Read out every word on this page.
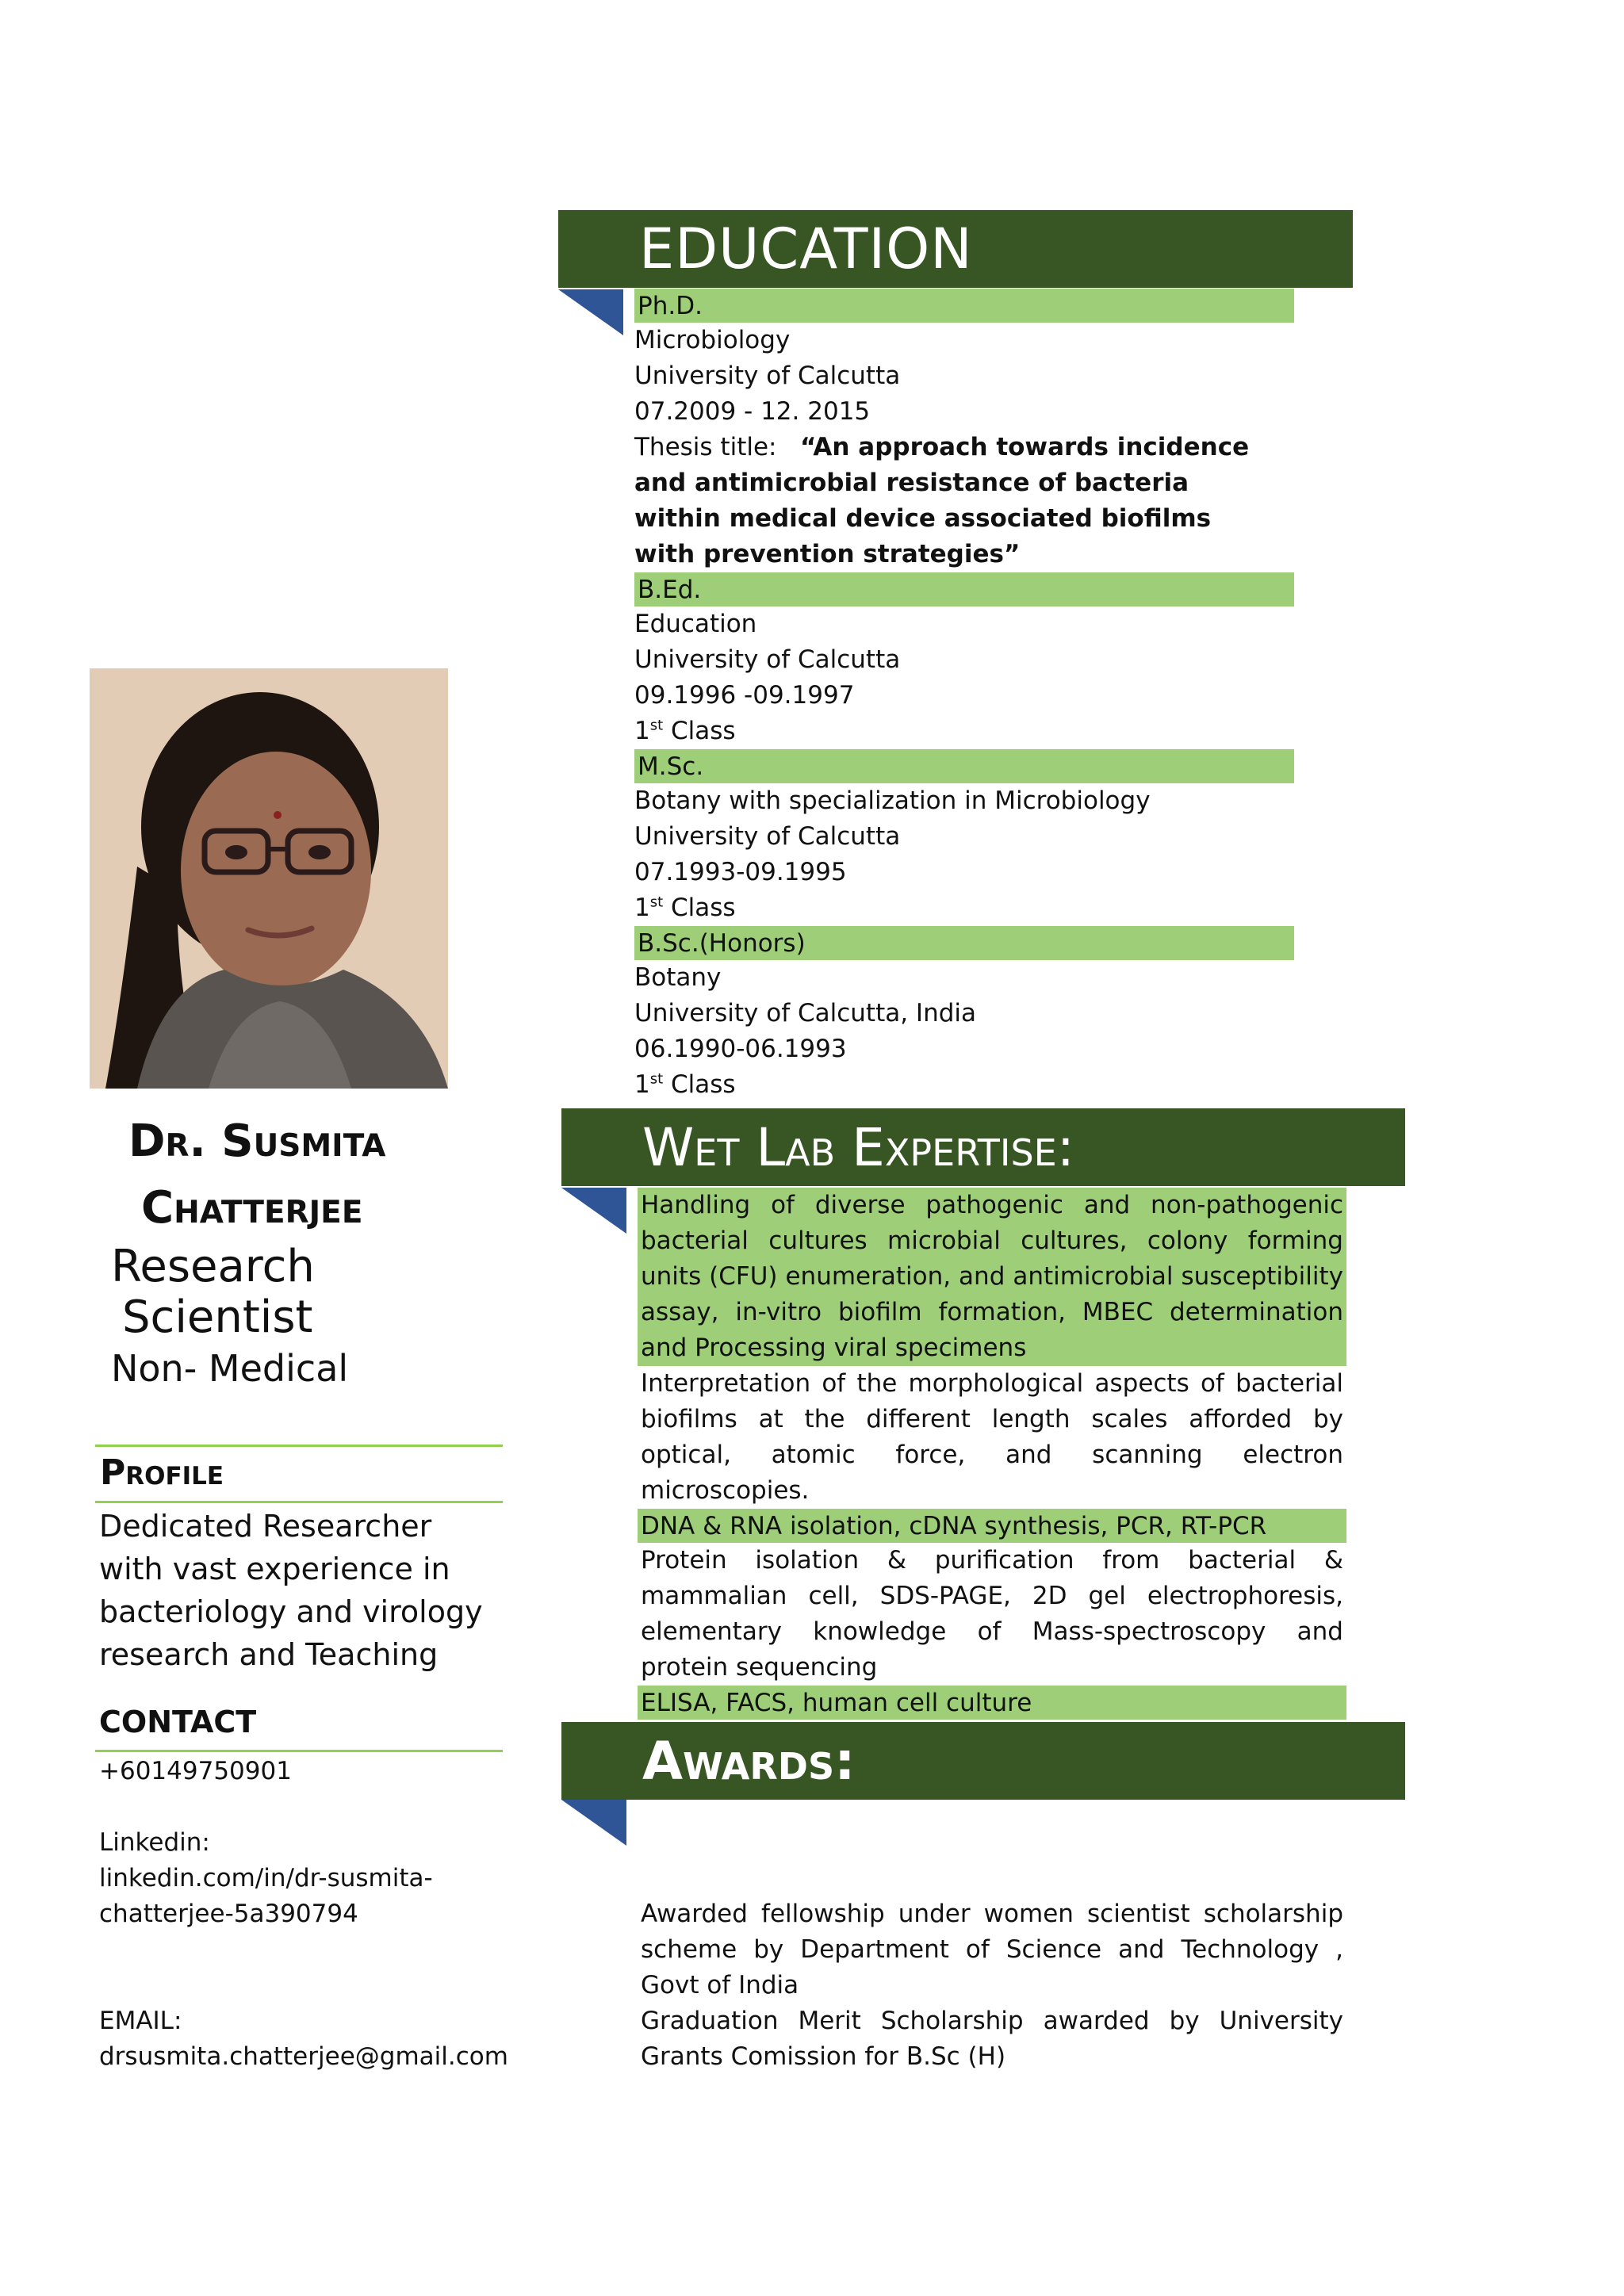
EDUCATION
Ph.D.
Microbiology
University of Calcutta
07.2009 - 12. 2015
Thesis title:   “An approach towards incidence and antimicrobial resistance of bacteria within medical device associated biofilms with prevention strategies”
B.Ed.
Education
University of Calcutta
09.1996 -09.1997
1st Class
M.Sc.
Botany with specialization in Microbiology
University of Calcutta
07.1993-09.1995
1st Class
B.Sc.(Honors)
Botany
University of Calcutta, India
06.1990-06.1993
1st Class
Wet Lab Expertise:
Handling of diverse pathogenic and non-pathogenic bacterial cultures microbial cultures, colony forming units (CFU) enumeration, and antimicrobial susceptibility assay, in-vitro biofilm formation, MBEC determination and Processing viral specimens
Interpretation of the morphological aspects of bacterial biofilms at the different length scales afforded by optical, atomic force, and scanning electron microscopies.
DNA & RNA isolation, cDNA synthesis, PCR, RT-PCR
Protein isolation & purification from bacterial & mammalian cell, SDS-PAGE, 2D gel electrophoresis, elementary knowledge of Mass-spectroscopy and protein sequencing
ELISA, FACS, human cell culture
Awards:
Awarded fellowship under women scientist scholarship scheme by Department of Science and Technology , Govt of India
Graduation Merit Scholarship awarded by University Grants Comission for B.Sc (H)
Dr. Susmita
Chatterjee
Research
Scientist
Non- Medical
Profile
Dedicated Researcher with vast experience in bacteriology and virology research and Teaching
CONTACT
+60149750901
Linkedin:
linkedin.com/in/dr-susmita-
chatterjee-5a390794
EMAIL:
drsusmita.chatterjee@gmail.com
